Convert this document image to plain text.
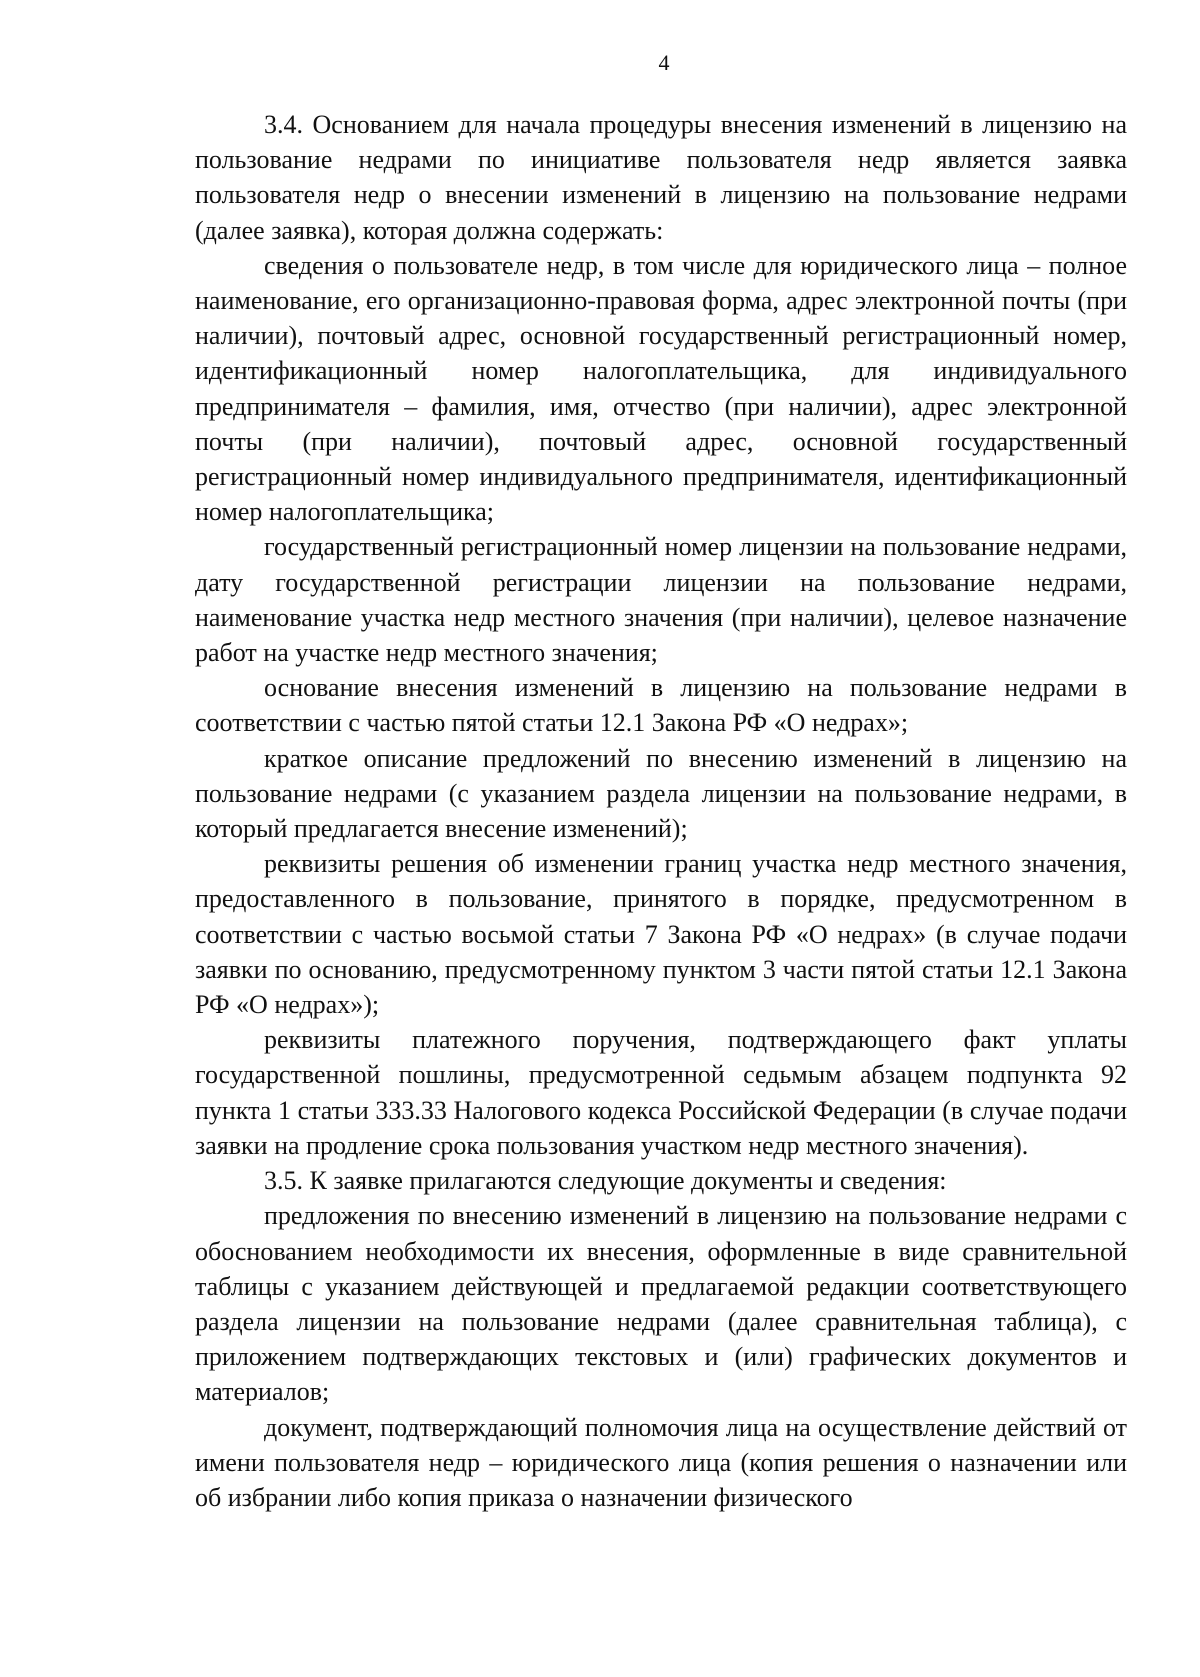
4

3.4. Основанием для начала процедуры внесения изменений в лицензию на пользование недрами по инициативе пользователя недр является заявка пользователя недр о внесении изменений в лицензию на пользование недрами (далее заявка), которая должна содержать:

сведения о пользователе недр, в том числе для юридического лица – полное наименование, его организационно-правовая форма, адрес электронной почты (при наличии), почтовый адрес, основной государственный регистрационный номер, идентификационный номер налогоплательщика, для индивидуального предпринимателя – фамилия, имя, отчество (при наличии), адрес электронной почты (при наличии), почтовый адрес, основной государственный регистрационный номер индивидуального предпринимателя, идентификационный номер налогоплательщика;

государственный регистрационный номер лицензии на пользование недрами, дату государственной регистрации лицензии на пользование недрами, наименование участка недр местного значения (при наличии), целевое назначение работ на участке недр местного значения;

основание внесения изменений в лицензию на пользование недрами в соответствии с частью пятой статьи 12.1 Закона РФ «О недрах»;

краткое описание предложений по внесению изменений в лицензию на пользование недрами (с указанием раздела лицензии на пользование недрами, в который предлагается внесение изменений);

реквизиты решения об изменении границ участка недр местного значения, предоставленного в пользование, принятого в порядке, предусмотренном в соответствии с частью восьмой статьи 7 Закона РФ «О недрах» (в случае подачи заявки по основанию, предусмотренному пунктом 3 части пятой статьи 12.1 Закона РФ «О недрах»);

реквизиты платежного поручения, подтверждающего факт уплаты государственной пошлины, предусмотренной седьмым абзацем подпункта 92 пункта 1 статьи 333.33 Налогового кодекса Российской Федерации (в случае подачи заявки на продление срока пользования участком недр местного значения).

3.5. К заявке прилагаются следующие документы и сведения:

предложения по внесению изменений в лицензию на пользование недрами с обоснованием необходимости их внесения, оформленные в виде сравнительной таблицы с указанием действующей и предлагаемой редакции соответствующего раздела лицензии на пользование недрами (далее сравнительная таблица), с приложением подтверждающих текстовых и (или) графических документов и материалов;

документ, подтверждающий полномочия лица на осуществление действий от имени пользователя недр – юридического лица (копия решения о назначении или об избрании либо копия приказа о назначении физического
